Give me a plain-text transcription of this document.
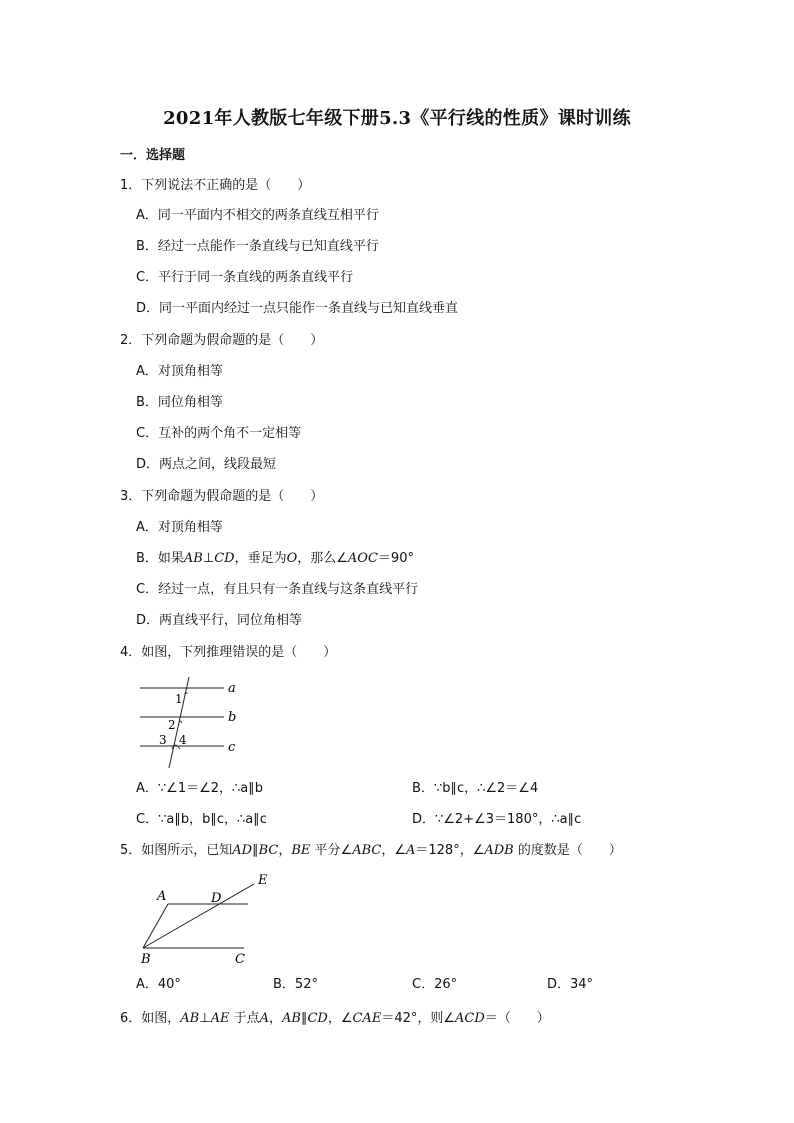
2021年人教版七年级下册5.3《平行线的性质》课时训练
一．选择题
1．下列说法不正确的是（　　）
A．同一平面内不相交的两条直线互相平行
B．经过一点能作一条直线与已知直线平行
C．平行于同一条直线的两条直线平行
D．同一平面内经过一点只能作一条直线与已知直线垂直
2．下列命题为假命题的是（　　）
A．对顶角相等
B．同位角相等
C．互补的两个角不一定相等
D．两点之间，线段最短
3．下列命题为假命题的是（　　）
A．对顶角相等
B．如果AB⊥CD，垂足为O，那么∠AOC＝90°
C．经过一点，有且只有一条直线与这条直线平行
D．两直线平行，同位角相等
4．如图，下列推理错误的是（　　）
a
b
c
1
2
3 4
A．∵∠1＝∠2，∴a∥b	B．∵b∥c，∴∠2＝∠4
C．∵a∥b，b∥c，∴a∥c	D．∵∠2+∠3＝180°，∴a∥c
5．如图所示，已知AD∥BC，BE 平分∠ABC，∠A＝128°，∠ADB 的度数是（　　）
A	D
E
B	C
A．40°	B．52°	C．26°	D．34°
6．如图，AB⊥AE 于点A，AB∥CD，∠CAE＝42°，则∠ACD＝（　　）
